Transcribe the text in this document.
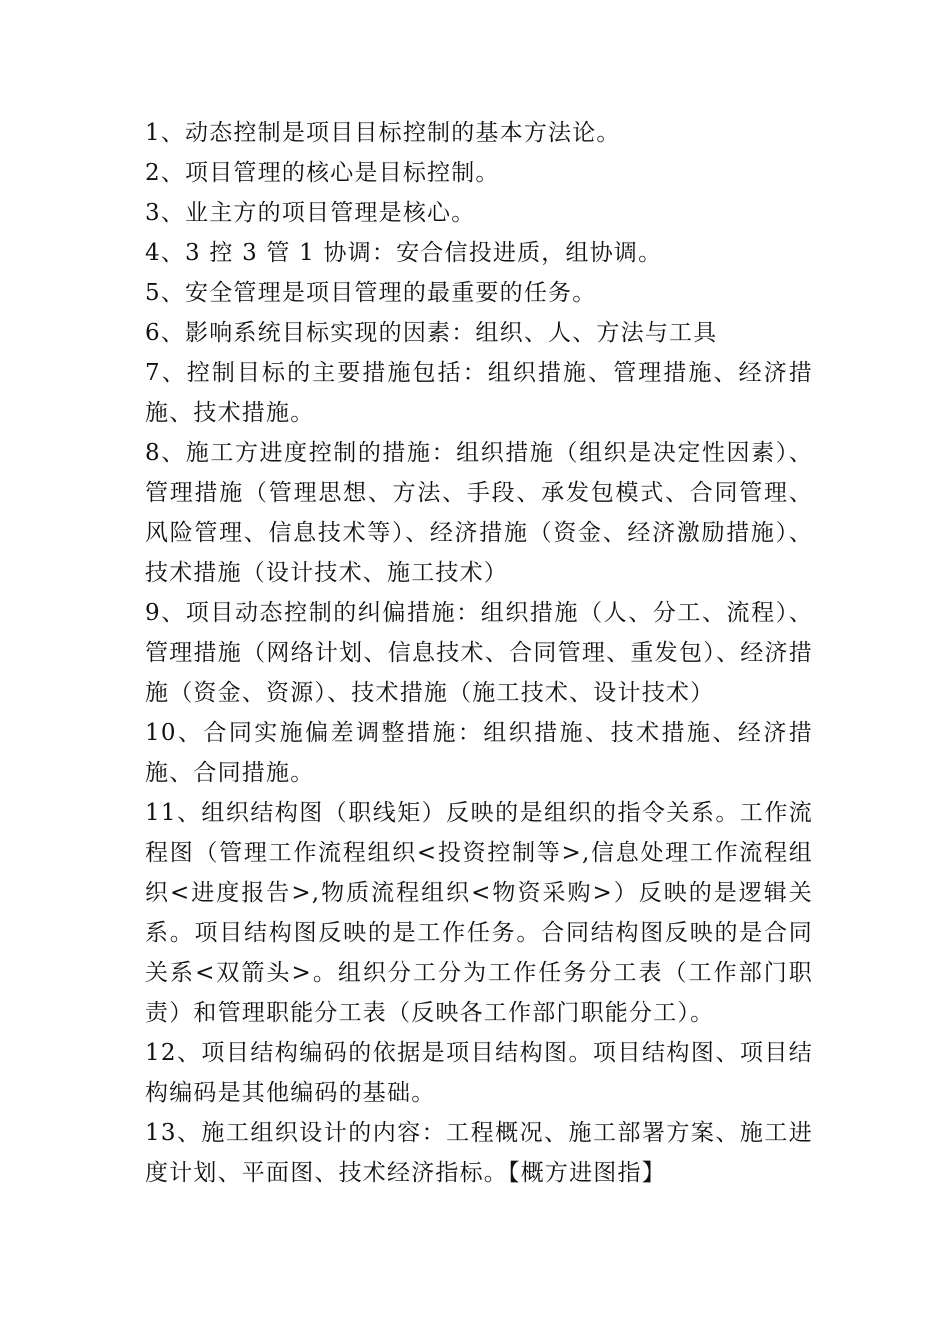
1、动态控制是项目目标控制的基本方法论。

2、项目管理的核心是目标控制。

3、业主方的项目管理是核心。

4、3 控 3 管 1 协调：安合信投进质，组协调。

5、安全管理是项目管理的最重要的任务。

6、影响系统目标实现的因素：组织、人、方法与工具

7、控制目标的主要措施包括：组织措施、管理措施、经济措施、技术措施。

8、施工方进度控制的措施：组织措施（组织是决定性因素）、管理措施（管理思想、方法、手段、承发包模式、合同管理、风险管理、信息技术等）、经济措施（资金、经济激励措施）、技术措施（设计技术、施工技术）

9、项目动态控制的纠偏措施：组织措施（人、分工、流程）、管理措施（网络计划、信息技术、合同管理、重发包）、经济措施（资金、资源）、技术措施（施工技术、设计技术）

10、合同实施偏差调整措施：组织措施、技术措施、经济措施、合同措施。

11、组织结构图（职线矩）反映的是组织的指令关系。工作流程图（管理工作流程组织<投资控制等>,信息处理工作流程组织<进度报告>,物质流程组织<物资采购>）反映的是逻辑关系。项目结构图反映的是工作任务。合同结构图反映的是合同关系<双箭头>。组织分工分为工作任务分工表（工作部门职责）和管理职能分工表（反映各工作部门职能分工）。

12、项目结构编码的依据是项目结构图。项目结构图、项目结构编码是其他编码的基础。

13、施工组织设计的内容：工程概况、施工部署方案、施工进度计划、平面图、技术经济指标。【概方进图指】
